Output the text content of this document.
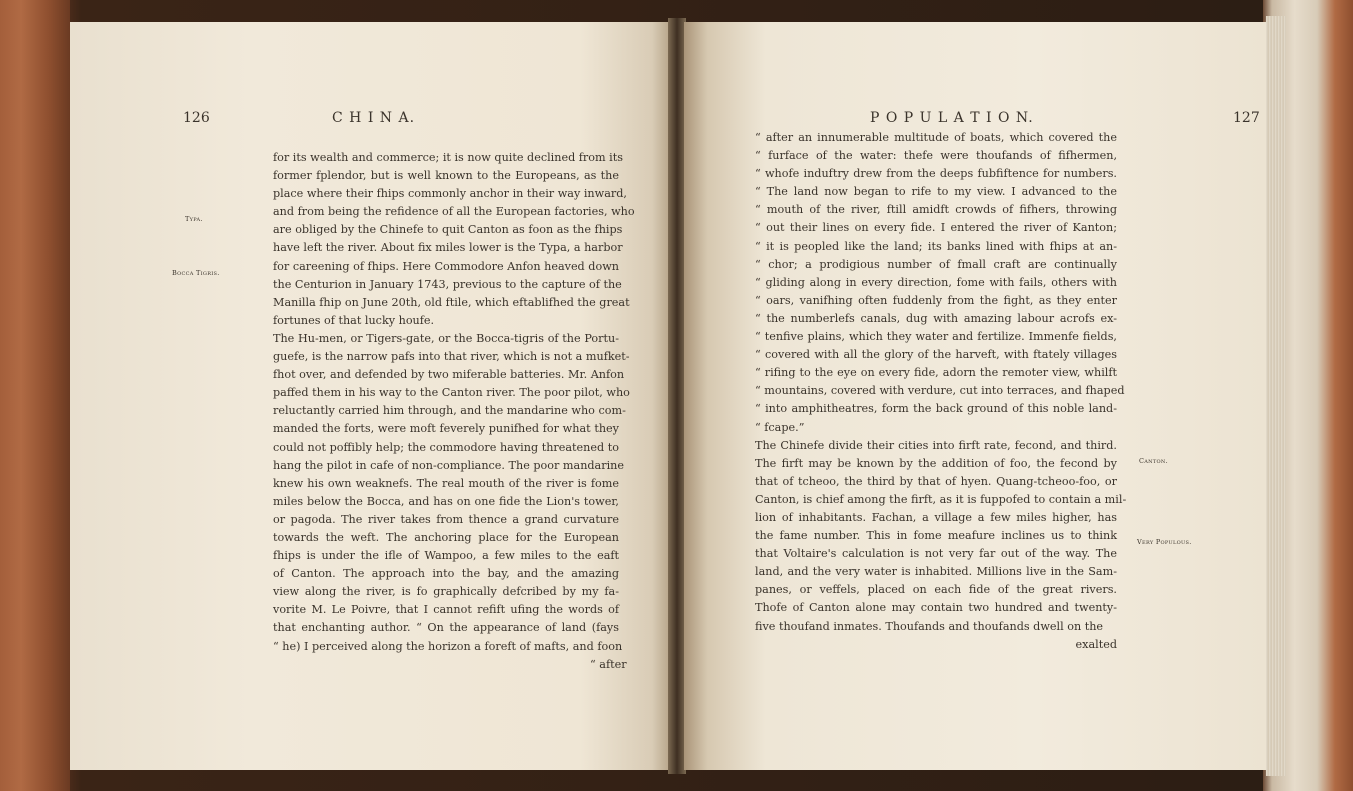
126	C H I N A.
Typa.
Bocca Tigris.
for its wealth and commerce; it is now quite declined from its
former fplendor, but is well known to the Europeans, as the
place where their fhips commonly anchor in their way inward,
and from being the refidence of all the European factories, who
are obliged by the Chinefe to quit Canton as foon as the fhips
have left the river. About fix miles lower is the Typa, a harbor
for careening of fhips. Here Commodore Anfon heaved down
the Centurion in January 1743, previous to the capture of the
Manilla fhip on June 20th, old ftile, which eftablifhed the great
fortunes of that lucky houfe.
The Hu-men, or Tigers-gate, or the Bocca-tigris of the Portu-
guefe, is the narrow pafs into that river, which is not a mufket-
fhot over, and defended by two miferable batteries. Mr. Anfon
paffed them in his way to the Canton river. The poor pilot, who
reluctantly carried him through, and the mandarine who com-
manded the forts, were moft feverely punifhed for what they
could not poffibly help; the commodore having threatened to
hang the pilot in cafe of non-compliance. The poor mandarine
knew his own weaknefs. The real mouth of the river is fome
miles below the Bocca, and has on one fide the Lion's tower,
or pagoda. The river takes from thence a grand curvature
towards the weft. The anchoring place for the European
fhips is under the ifle of Wampoo, a few miles to the eaft
of Canton. The approach into the bay, and the amazing
view along the river, is fo graphically defcribed by my fa-
vorite M. Le Poivre, that I cannot refift ufing the words of
that enchanting author. “ On the appearance of land (fays
“ he) I perceived along the horizon a foreft of mafts, and foon
“ after
P O P U L A T I O N.	127
“ after an innumerable multitude of boats, which covered the
“ furface of the water: thefe were thoufands of fifhermen,
“ whofe induftry drew from the deeps fubfiftence for numbers.
“ The land now began to rife to my view. I advanced to the
“ mouth of the river, ftill amidft crowds of fifhers, throwing
“ out their lines on every fide. I entered the river of Kanton;
“ it is peopled like the land; its banks lined with fhips at an-
“ chor; a prodigious number of fmall craft are continually
“ gliding along in every direction, fome with fails, others with
“ oars, vanifhing often fuddenly from the fight, as they enter
“ the numberlefs canals, dug with amazing labour acrofs ex-
“ tenfive plains, which they water and fertilize. Immenfe fields,
“ covered with all the glory of the harveft, with ftately villages
“ rifing to the eye on every fide, adorn the remoter view, whilft
“ mountains, covered with verdure, cut into terraces, and fhaped
“ into amphitheatres, form the back ground of this noble land-
“ fcape.”
The Chinefe divide their cities into firft rate, fecond, and third.
The firft may be known by the addition of foo, the fecond by
that of tcheoo, the third by that of hyen. Quang-tcheoo-foo, or
Canton, is chief among the firft, as it is fuppofed to contain a mil-
lion of inhabitants. Fachan, a village a few miles higher, has
the fame number. This in fome meafure inclines us to think
that Voltaire's calculation is not very far out of the way. The
land, and the very water is inhabited. Millions live in the Sam-
panes, or veffels, placed on each fide of the great rivers.
Thofe of Canton alone may contain two hundred and twenty-
five thoufand inmates. Thoufands and thoufands dwell on the
Canton.
Very Populous.
exalted
